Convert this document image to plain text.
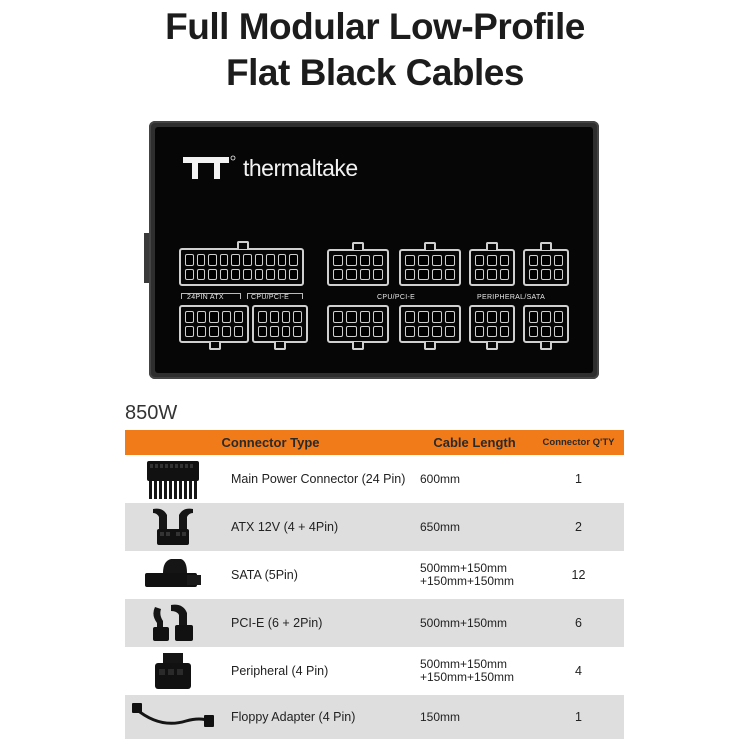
Full Modular Low-Profile
Flat Black Cables
thermaltake
24PIN ATX	CPU/PCI-E	CPU/PCI-E	PERIPHERAL/SATA
850W
Connector Type	Cable Length	Connector Q'TY
Main Power Connector (24 Pin)	600mm	1
ATX 12V (4 + 4Pin)	650mm	2
SATA (5Pin)	500mm+150mm +150mm+150mm	12
PCI-E (6 + 2Pin)	500mm+150mm	6
Peripheral (4 Pin)	500mm+150mm +150mm+150mm	4
Floppy Adapter (4 Pin)	150mm	1
